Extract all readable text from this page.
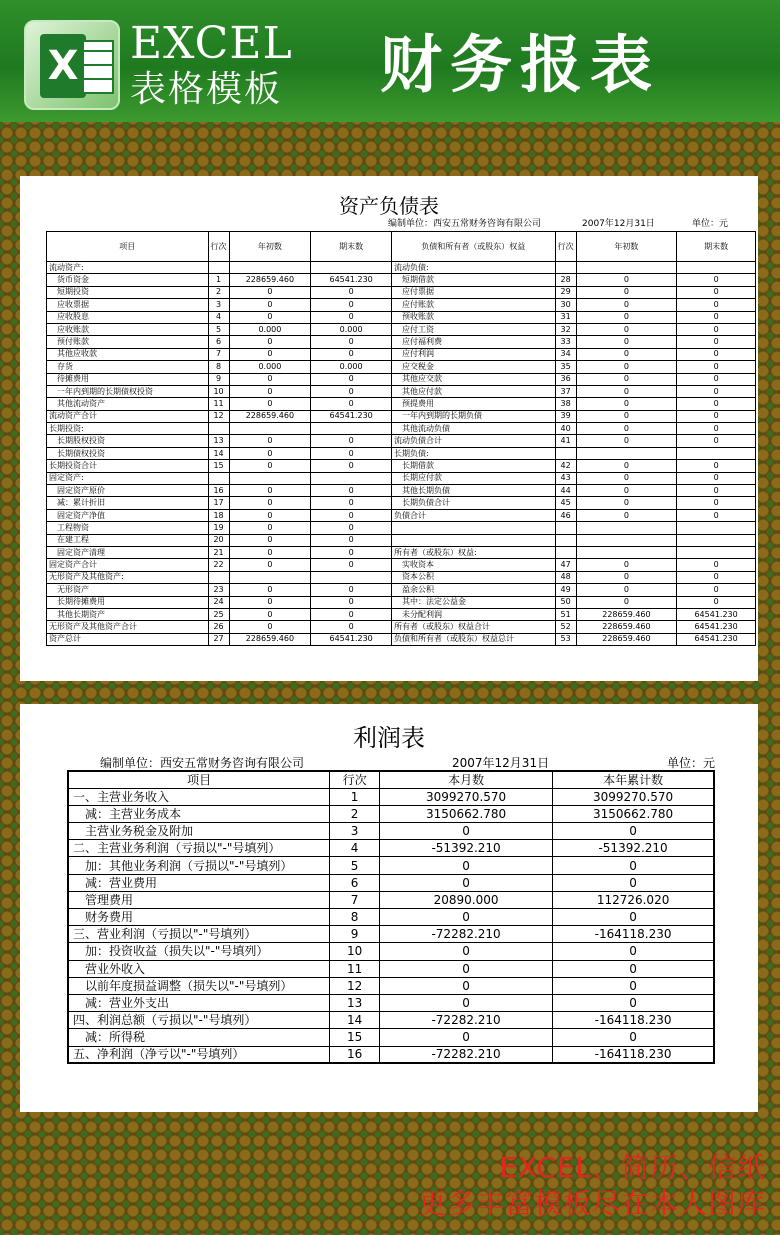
X EXCEL
表格模板 财务报表
资产负债表
编制单位：西安五常财务咨询有限公司	2007年12月31日	单位：元
项目	行次	年初数	期末数	负债和所有者（或股东）权益	行次	年初数	期末数
流动资产:				流动负债:			
　货币资金	1	228659.460	64541.230	　短期借款	28	0	0
　短期投资	2	0	0	　应付票据	29	0	0
　应收票据	3	0	0	　应付账款	30	0	0
　应收股息	4	0	0	　预收账款	31	0	0
　应收账款	5	0.000	0.000	　应付工资	32	0	0
　预付账款	6	0	0	　应付福利费	33	0	0
　其他应收款	7	0	0	　应付利润	34	0	0
　存货	8	0.000	0.000	　应交税金	35	0	0
　待摊费用	9	0	0	　其他应交款	36	0	0
　一年内到期的长期债权投资	10	0	0	　其他应付款	37	0	0
　其他流动资产	11	0	0	　预提费用	38	0	0
流动资产合计	12	228659.460	64541.230	　一年内到期的长期负债	39	0	0
长期投资:				　其他流动负债	40	0	0
　长期股权投资	13	0	0	流动负债合计	41	0	0
　长期债权投资	14	0	0	长期负债:			
长期投资合计	15	0	0	　长期借款	42	0	0
固定资产:				　长期应付款	43	0	0
　固定资产原价	16	0	0	　其他长期负债	44	0	0
　减：累计折旧	17	0	0	　长期负债合计	45	0	0
　固定资产净值	18	0	0	负债合计	46	0	0
　工程物资	19	0	0				
　在建工程	20	0	0				
　固定资产清理	21	0	0	所有者（或股东）权益:			
固定资产合计	22	0	0	　实收资本	47	0	0
无形资产及其他资产:				　资本公积	48	0	0
　无形资产	23	0	0	　盈余公积	49	0	0
　长期待摊费用	24	0	0	　其中：法定公益金	50	0	0
　其他长期资产	25	0	0	　未分配利润	51	228659.460	64541.230
无形资产及其他资产合计	26	0	0	所有者（或股东）权益合计	52	228659.460	64541.230
资产总计	27	228659.460	64541.230	负债和所有者（或股东）权益总计	53	228659.460	64541.230
利润表
编制单位：西安五常财务咨询有限公司	2007年12月31日	单位：元
项目	行次	本月数	本年累计数
一、主营业务收入	1	3099270.570	3099270.570
　减：主营业务成本	2	3150662.780	3150662.780
　主营业务税金及附加	3	0	0
二、主营业务利润（亏损以"-"号填列）	4	-51392.210	-51392.210
　加：其他业务利润（亏损以"-"号填列）	5	0	0
　减：营业费用	6	0	0
　管理费用	7	20890.000	112726.020
　财务费用	8	0	0
三、营业利润（亏损以"-"号填列）	9	-72282.210	-164118.230
　加：投资收益（损失以"-"号填列）	10	0	0
　营业外收入	11	0	0
　以前年度损益调整（损失以"-"号填列）	12	0	0
　减：营业外支出	13	0	0
四、利润总额（亏损以"-"号填列）	14	-72282.210	-164118.230
　减：所得税	15	0	0
五、净利润（净亏以"-"号填列）	16	-72282.210	-164118.230
EXCEL、简历、信纸
更多丰富模板尽在本人图库
